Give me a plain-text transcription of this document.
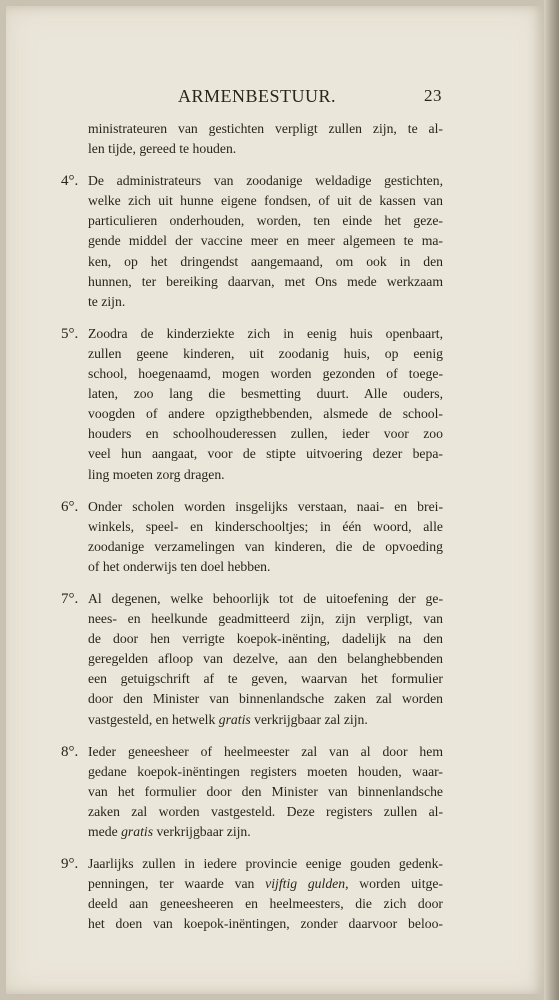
ARMENBESTUUR.	23
ministrateuren van gestichten verpligt zullen zijn, te al-
len tijde, gereed te houden.
4°. De administrateurs van zoodanige weldadige gestichten,
welke zich uit hunne eigene fondsen, of uit de kassen van
particulieren onderhouden, worden, ten einde het geze-
gende middel der vaccine meer en meer algemeen te ma-
ken, op het dringendst aangemaand, om ook in den
hunnen, ter bereiking daarvan, met Ons mede werkzaam
te zijn.
5°. Zoodra de kinderziekte zich in eenig huis openbaart,
zullen geene kinderen, uit zoodanig huis, op eenig
school, hoegenaamd, mogen worden gezonden of toege-
laten, zoo lang die besmetting duurt. Alle ouders,
voogden of andere opzigthebbenden, alsmede de school-
houders en schoolhouderessen zullen, ieder voor zoo
veel hun aangaat, voor de stipte uitvoering dezer bepa-
ling moeten zorg dragen.
6°. Onder scholen worden insgelijks verstaan, naai- en brei-
winkels, speel- en kinderschooltjes; in één woord, alle
zoodanige verzamelingen van kinderen, die de opvoeding
of het onderwijs ten doel hebben.
7°. Al degenen, welke behoorlijk tot de uitoefening der ge-
nees- en heelkunde geadmitteerd zijn, zijn verpligt, van
de door hen verrigte koepok-inënting, dadelijk na den
geregelden afloop van dezelve, aan den belanghebbenden
een getuigschrift af te geven, waarvan het formulier
door den Minister van binnenlandsche zaken zal worden
vastgesteld, en hetwelk gratis verkrijgbaar zal zijn.
8°. Ieder geneesheer of heelmeester zal van al door hem
gedane koepok-inëntingen registers moeten houden, waar-
van het formulier door den Minister van binnenlandsche
zaken zal worden vastgesteld. Deze registers zullen al-
mede gratis verkrijgbaar zijn.
9°. Jaarlijks zullen in iedere provincie eenige gouden gedenk-
penningen, ter waarde van vijftig gulden, worden uitge-
deeld aan geneesheeren en heelmeesters, die zich door
het doen van koepok-inëntingen, zonder daarvoor beloo-
